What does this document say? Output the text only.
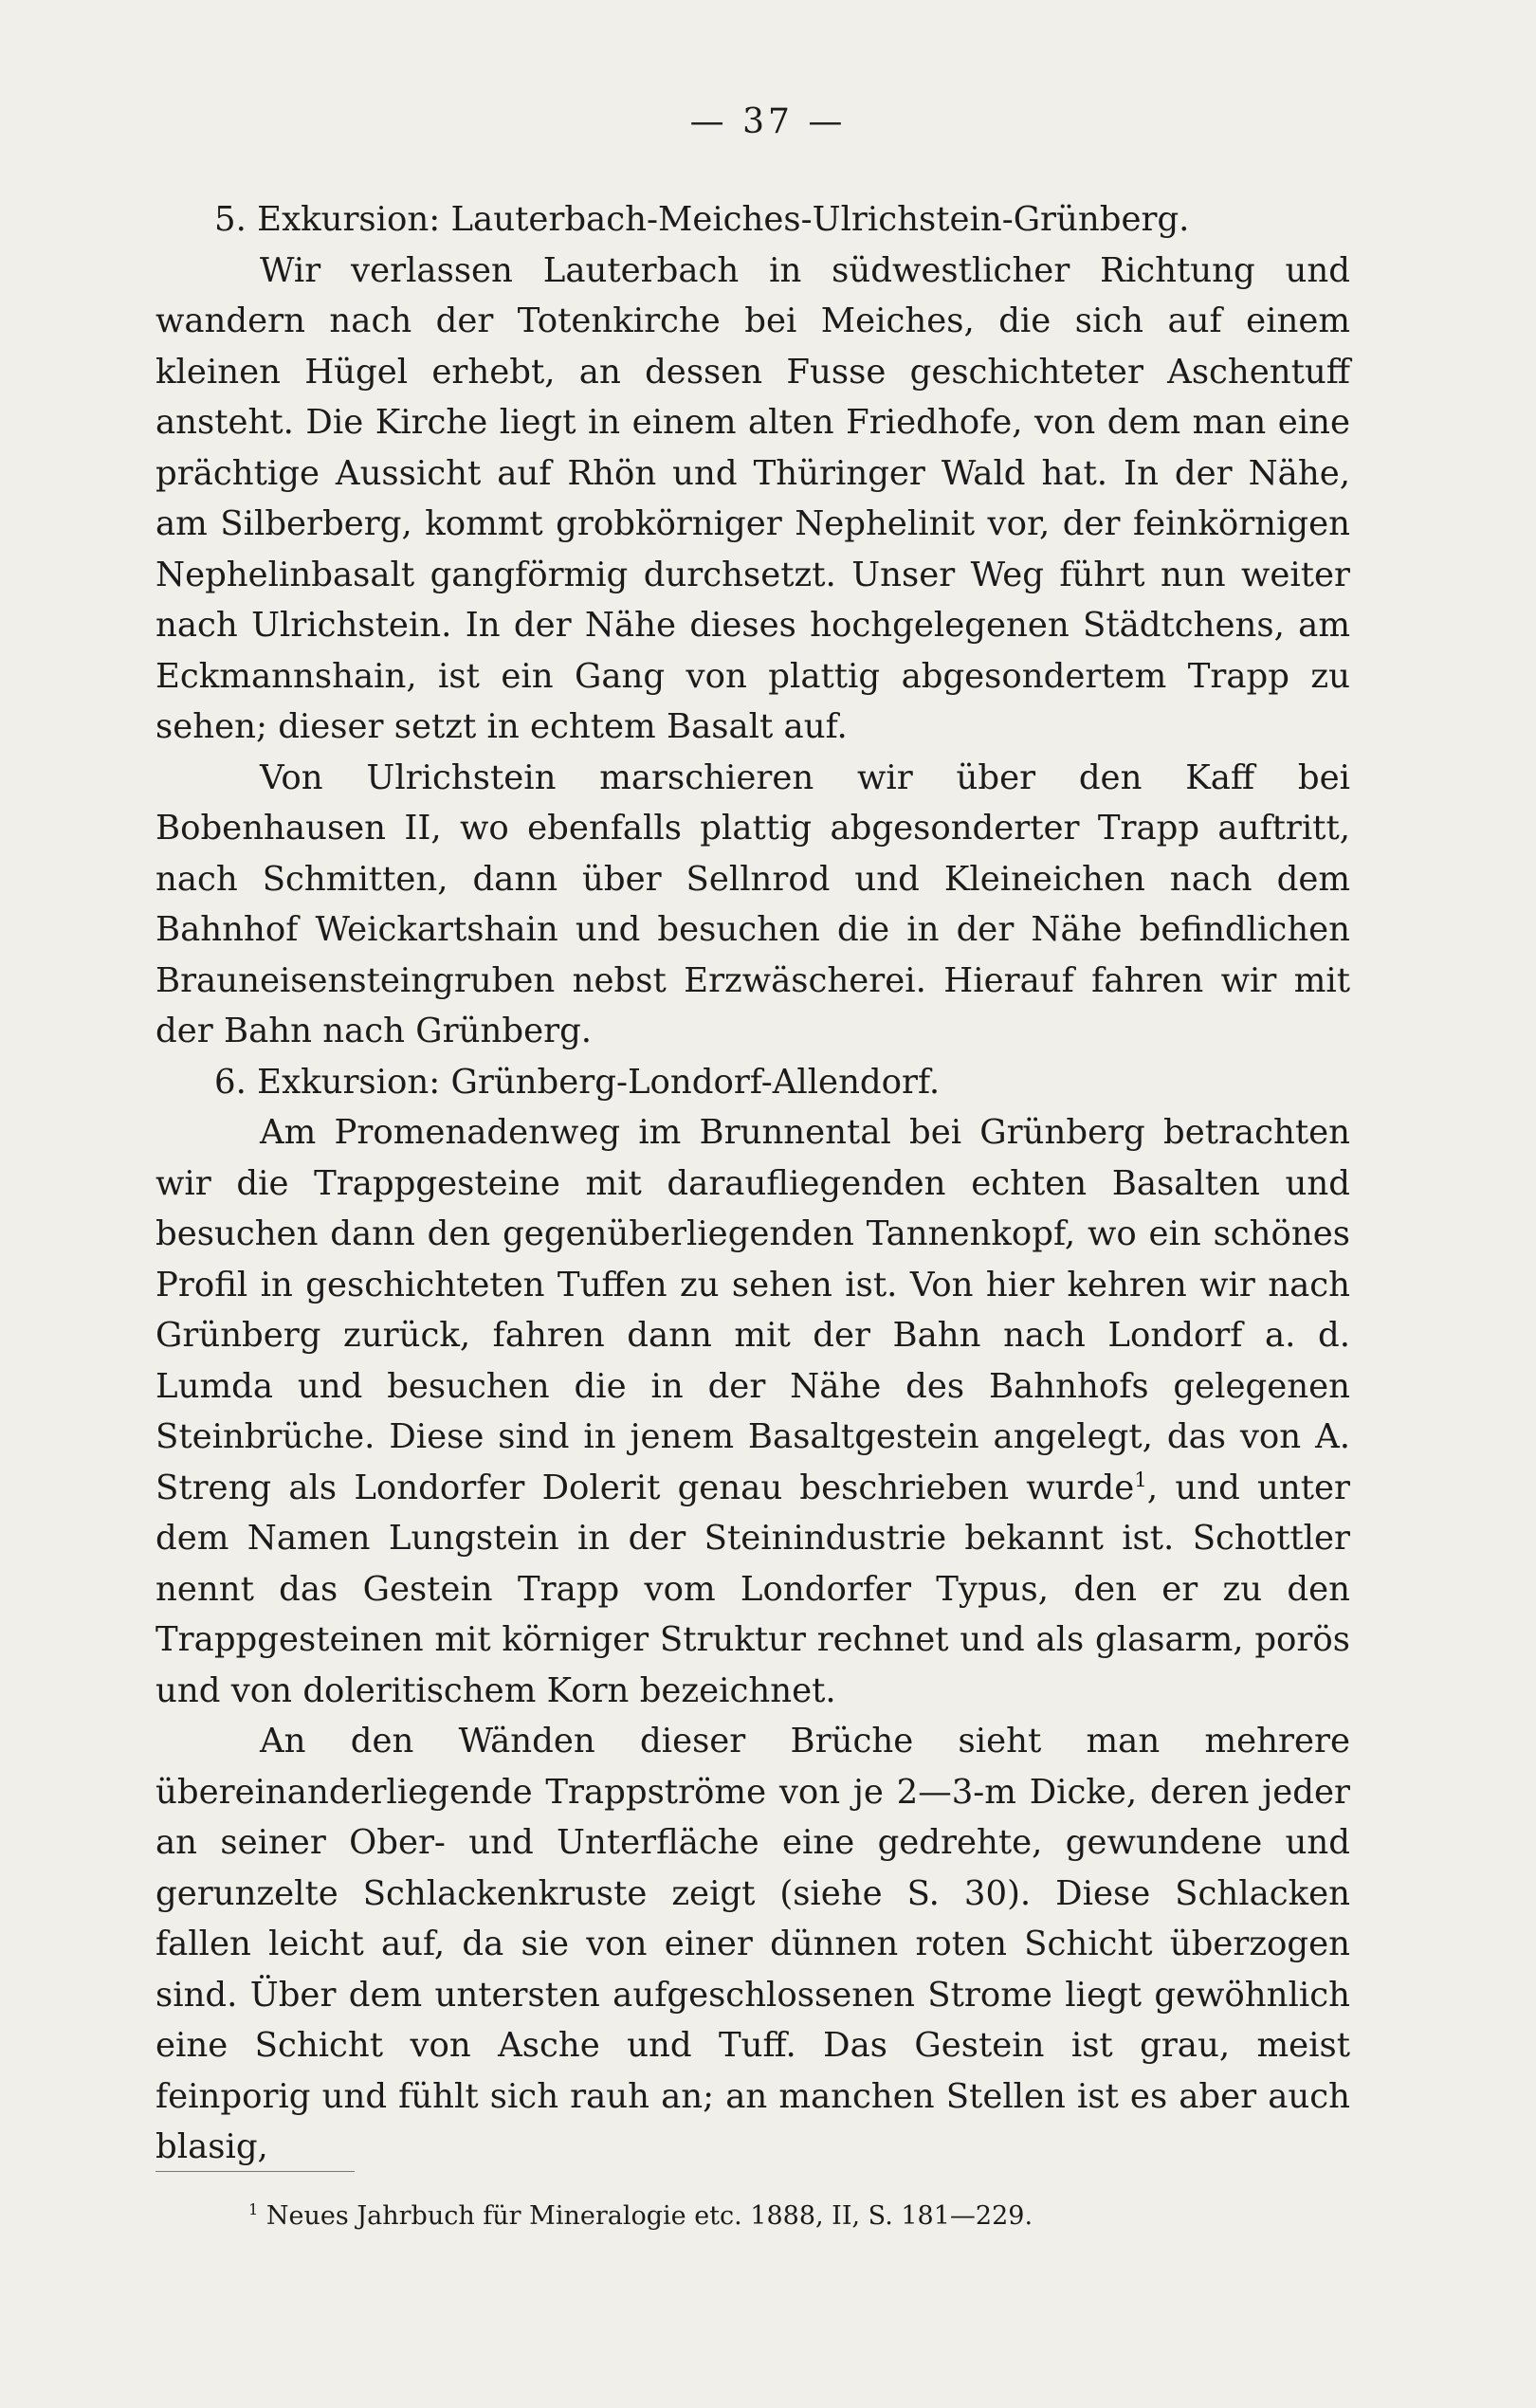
— 37 —

5. Exkursion: Lauterbach-Meiches-Ulrichstein-Grünberg.

Wir verlassen Lauterbach in südwestlicher Richtung und wandern nach der Totenkirche bei Meiches, die sich auf einem kleinen Hügel erhebt, an dessen Fusse geschichteter Aschentuff ansteht. Die Kirche liegt in einem alten Friedhofe, von dem man eine prächtige Aussicht auf Rhön und Thüringer Wald hat. In der Nähe, am Silberberg, kommt grobkörniger Nephelinit vor, der feinkörnigen Nephelinbasalt gangförmig durchsetzt. Unser Weg führt nun weiter nach Ulrichstein. In der Nähe dieses hochgelegenen Städtchens, am Eckmannshain, ist ein Gang von plattig abgesondertem Trapp zu sehen; dieser setzt in echtem Basalt auf.

Von Ulrichstein marschieren wir über den Kaff bei Bobenhausen II, wo ebenfalls plattig abgesonderter Trapp auftritt, nach Schmitten, dann über Sellnrod und Kleineichen nach dem Bahnhof Weickartshain und besuchen die in der Nähe befindlichen Brauneisensteingruben nebst Erzwäscherei. Hierauf fahren wir mit der Bahn nach Grünberg.

6. Exkursion: Grünberg-Londorf-Allendorf.

Am Promenadenweg im Brunnental bei Grünberg betrachten wir die Trappgesteine mit daraufliegenden echten Basalten und besuchen dann den gegenüberliegenden Tannenkopf, wo ein schönes Profil in geschichteten Tuffen zu sehen ist. Von hier kehren wir nach Grünberg zurück, fahren dann mit der Bahn nach Londorf a. d. Lumda und besuchen die in der Nähe des Bahnhofs gelegenen Steinbrüche. Diese sind in jenem Basaltgestein angelegt, das von A. Streng als Londorfer Dolerit genau beschrieben wurde$^1$, und unter dem Namen Lungstein in der Steinindustrie bekannt ist. Schottler nennt das Gestein Trapp vom Londorfer Typus, den er zu den Trappgesteinen mit körniger Struktur rechnet und als glasarm, porös und von doleritischem Korn bezeichnet.

An den Wänden dieser Brüche sieht man mehrere übereinanderliegende Trappströme von je 2—3-m Dicke, deren jeder an seiner Ober- und Unterfläche eine gedrehte, gewundene und gerunzelte Schlackenkruste zeigt (siehe S. 30). Diese Schlacken fallen leicht auf, da sie von einer dünnen roten Schicht überzogen sind. Über dem untersten aufgeschlossenen Strome liegt gewöhnlich eine Schicht von Asche und Tuff. Das Gestein ist grau, meist feinporig und fühlt sich rauh an; an manchen Stellen ist es aber auch blasig,

$^1$ Neues Jahrbuch für Mineralogie etc. 1888, II, S. 181—229.
